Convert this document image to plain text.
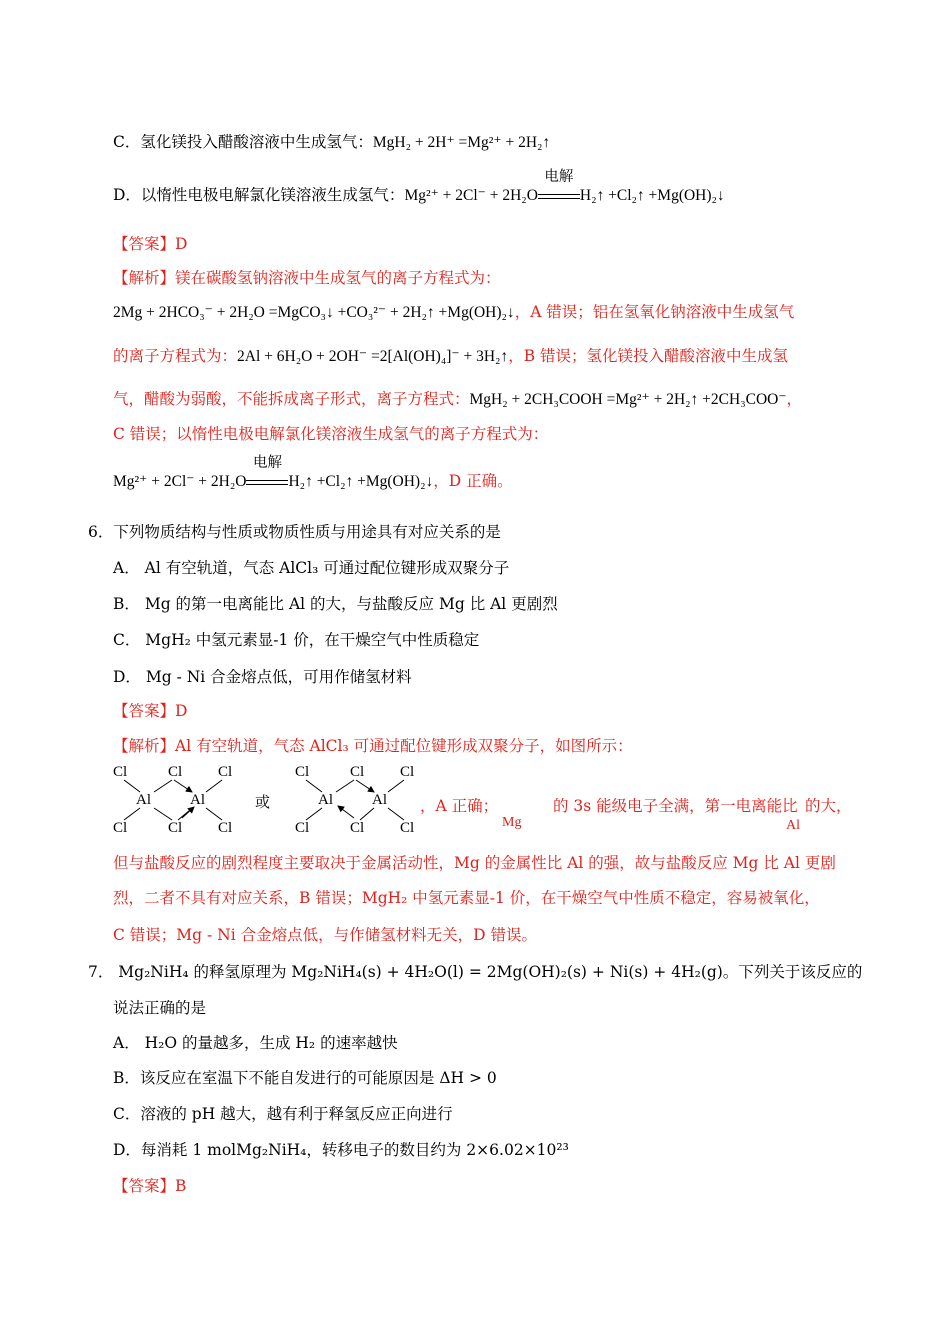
C．氢化镁投入醋酸溶液中生成氢气：MgH₂ + 2H⁺ =Mg²⁺ + 2H₂↑
D．以惰性电极电解氯化镁溶液生成氢气：Mg²⁺ + 2Cl⁻ + 2H₂O
电解
H₂↑ +Cl₂↑ +Mg(OH)₂↓
【答案】D
【解析】镁在碳酸氢钠溶液中生成氢气的离子方程式为：
2Mg + 2HCO₃⁻ + 2H₂O =MgCO₃↓ +CO₃²⁻ + 2H₂↑ +Mg(OH)₂↓，A 错误；铝在氢氧化钠溶液中生成氢气
的离子方程式为：2Al + 6H₂O + 2OH⁻ =2[Al(OH)₄]⁻ + 3H₂↑，B 错误；氢化镁投入醋酸溶液中生成氢
气，醋酸为弱酸，不能拆成离子形式，离子方程式：MgH₂ + 2CH₃COOH =Mg²⁺ + 2H₂↑ +2CH₃COO⁻，
C 错误；以惰性电极电解氯化镁溶液生成氢气的离子方程式为：
Mg²⁺ + 2Cl⁻ + 2H₂O
电解
H₂↑ +Cl₂↑ +Mg(OH)₂↓，D 正确。
6．下列物质结构与性质或物质性质与用途具有对应关系的是
A． Al 有空轨道，气态 AlCl₃ 可通过配位键形成双聚分子
B． Mg 的第一电离能比 Al 的大，与盐酸反应 Mg 比 Al 更剧烈
C． MgH₂ 中氢元素显-1 价，在干燥空气中性质稳定
D． Mg - Ni 合金熔点低，可用作储氢材料
【答案】D
【解析】Al 有空轨道，气态 AlCl₃ 可通过配位键形成双聚分子，如图所示：
Cl	Cl Cl
Al	Al
Cl	Cl Cl
或
Cl	Cl Cl
Al	Al
Cl	Cl Cl
，A 正确；	的 3s 能级电子全满，第一电离能比 的大，
Mg	Al
但与盐酸反应的剧烈程度主要取决于金属活动性，Mg 的金属性比 Al 的强，故与盐酸反应 Mg 比 Al 更剧
烈，二者不具有对应关系，B 错误；MgH₂ 中氢元素显-1 价，在干燥空气中性质不稳定，容易被氧化，
C 错误；Mg - Ni 合金熔点低，与作储氢材料无关，D 错误。
7． Mg₂NiH₄ 的释氢原理为 Mg₂NiH₄(s) + 4H₂O(l) = 2Mg(OH)₂(s) + Ni(s) + 4H₂(g)。下列关于该反应的
说法正确的是
A． H₂O 的量越多，生成 H₂ 的速率越快
B．该反应在室温下不能自发进行的可能原因是 ΔH > 0
C．溶液的 pH 越大，越有利于释氢反应正向进行
D．每消耗 1 molMg₂NiH₄，转移电子的数目约为 2×6.02×10²³
【答案】B
